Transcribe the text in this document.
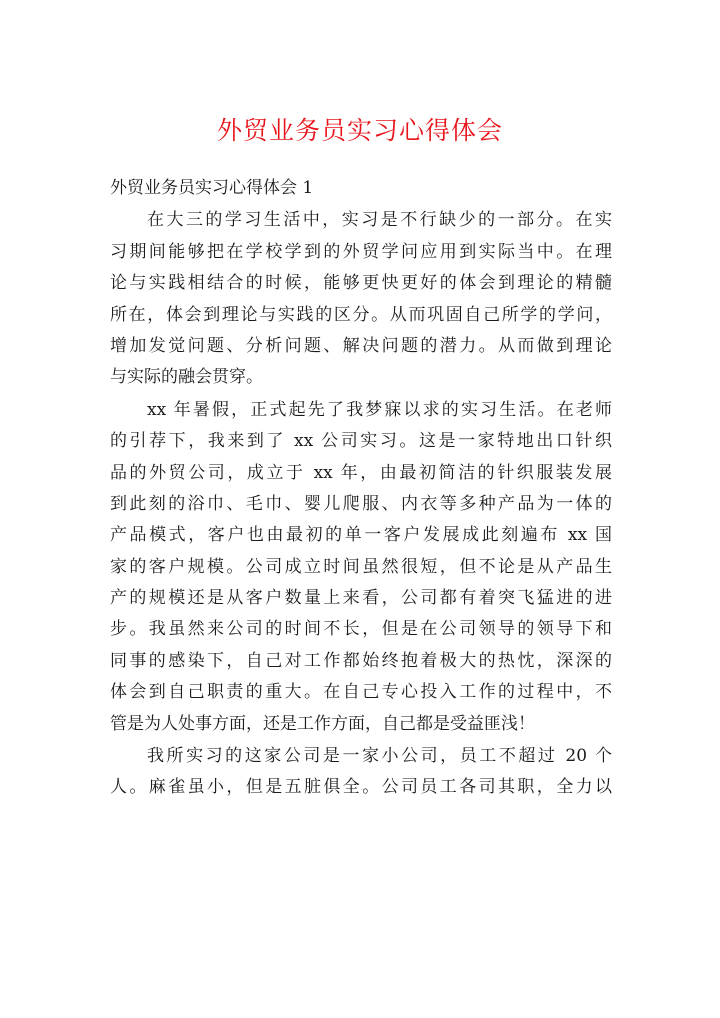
外贸业务员实习心得体会
外贸业务员实习心得体会 1
在大三的学习生活中，实习是不行缺少的一部分。在实
习期间能够把在学校学到的外贸学问应用到实际当中。在理
论与实践相结合的时候，能够更快更好的体会到理论的精髓
所在，体会到理论与实践的区分。从而巩固自己所学的学问，
增加发觉问题、分析问题、解决问题的潜力。从而做到理论
与实际的融会贯穿。
xx 年暑假，正式起先了我梦寐以求的实习生活。在老师
的引荐下，我来到了 xx 公司实习。这是一家特地出口针织
品的外贸公司，成立于 xx 年，由最初简洁的针织服装发展
到此刻的浴巾、毛巾、婴儿爬服、内衣等多种产品为一体的
产品模式，客户也由最初的单一客户发展成此刻遍布 xx 国
家的客户规模。公司成立时间虽然很短，但不论是从产品生
产的规模还是从客户数量上来看，公司都有着突飞猛进的进
步。我虽然来公司的时间不长，但是在公司领导的领导下和
同事的感染下，自己对工作都始终抱着极大的热忱，深深的
体会到自己职责的重大。在自己专心投入工作的过程中，不
管是为人处事方面，还是工作方面，自己都是受益匪浅！
我所实习的这家公司是一家小公司，员工不超过 20 个
人。麻雀虽小，但是五脏俱全。公司员工各司其职，全力以
